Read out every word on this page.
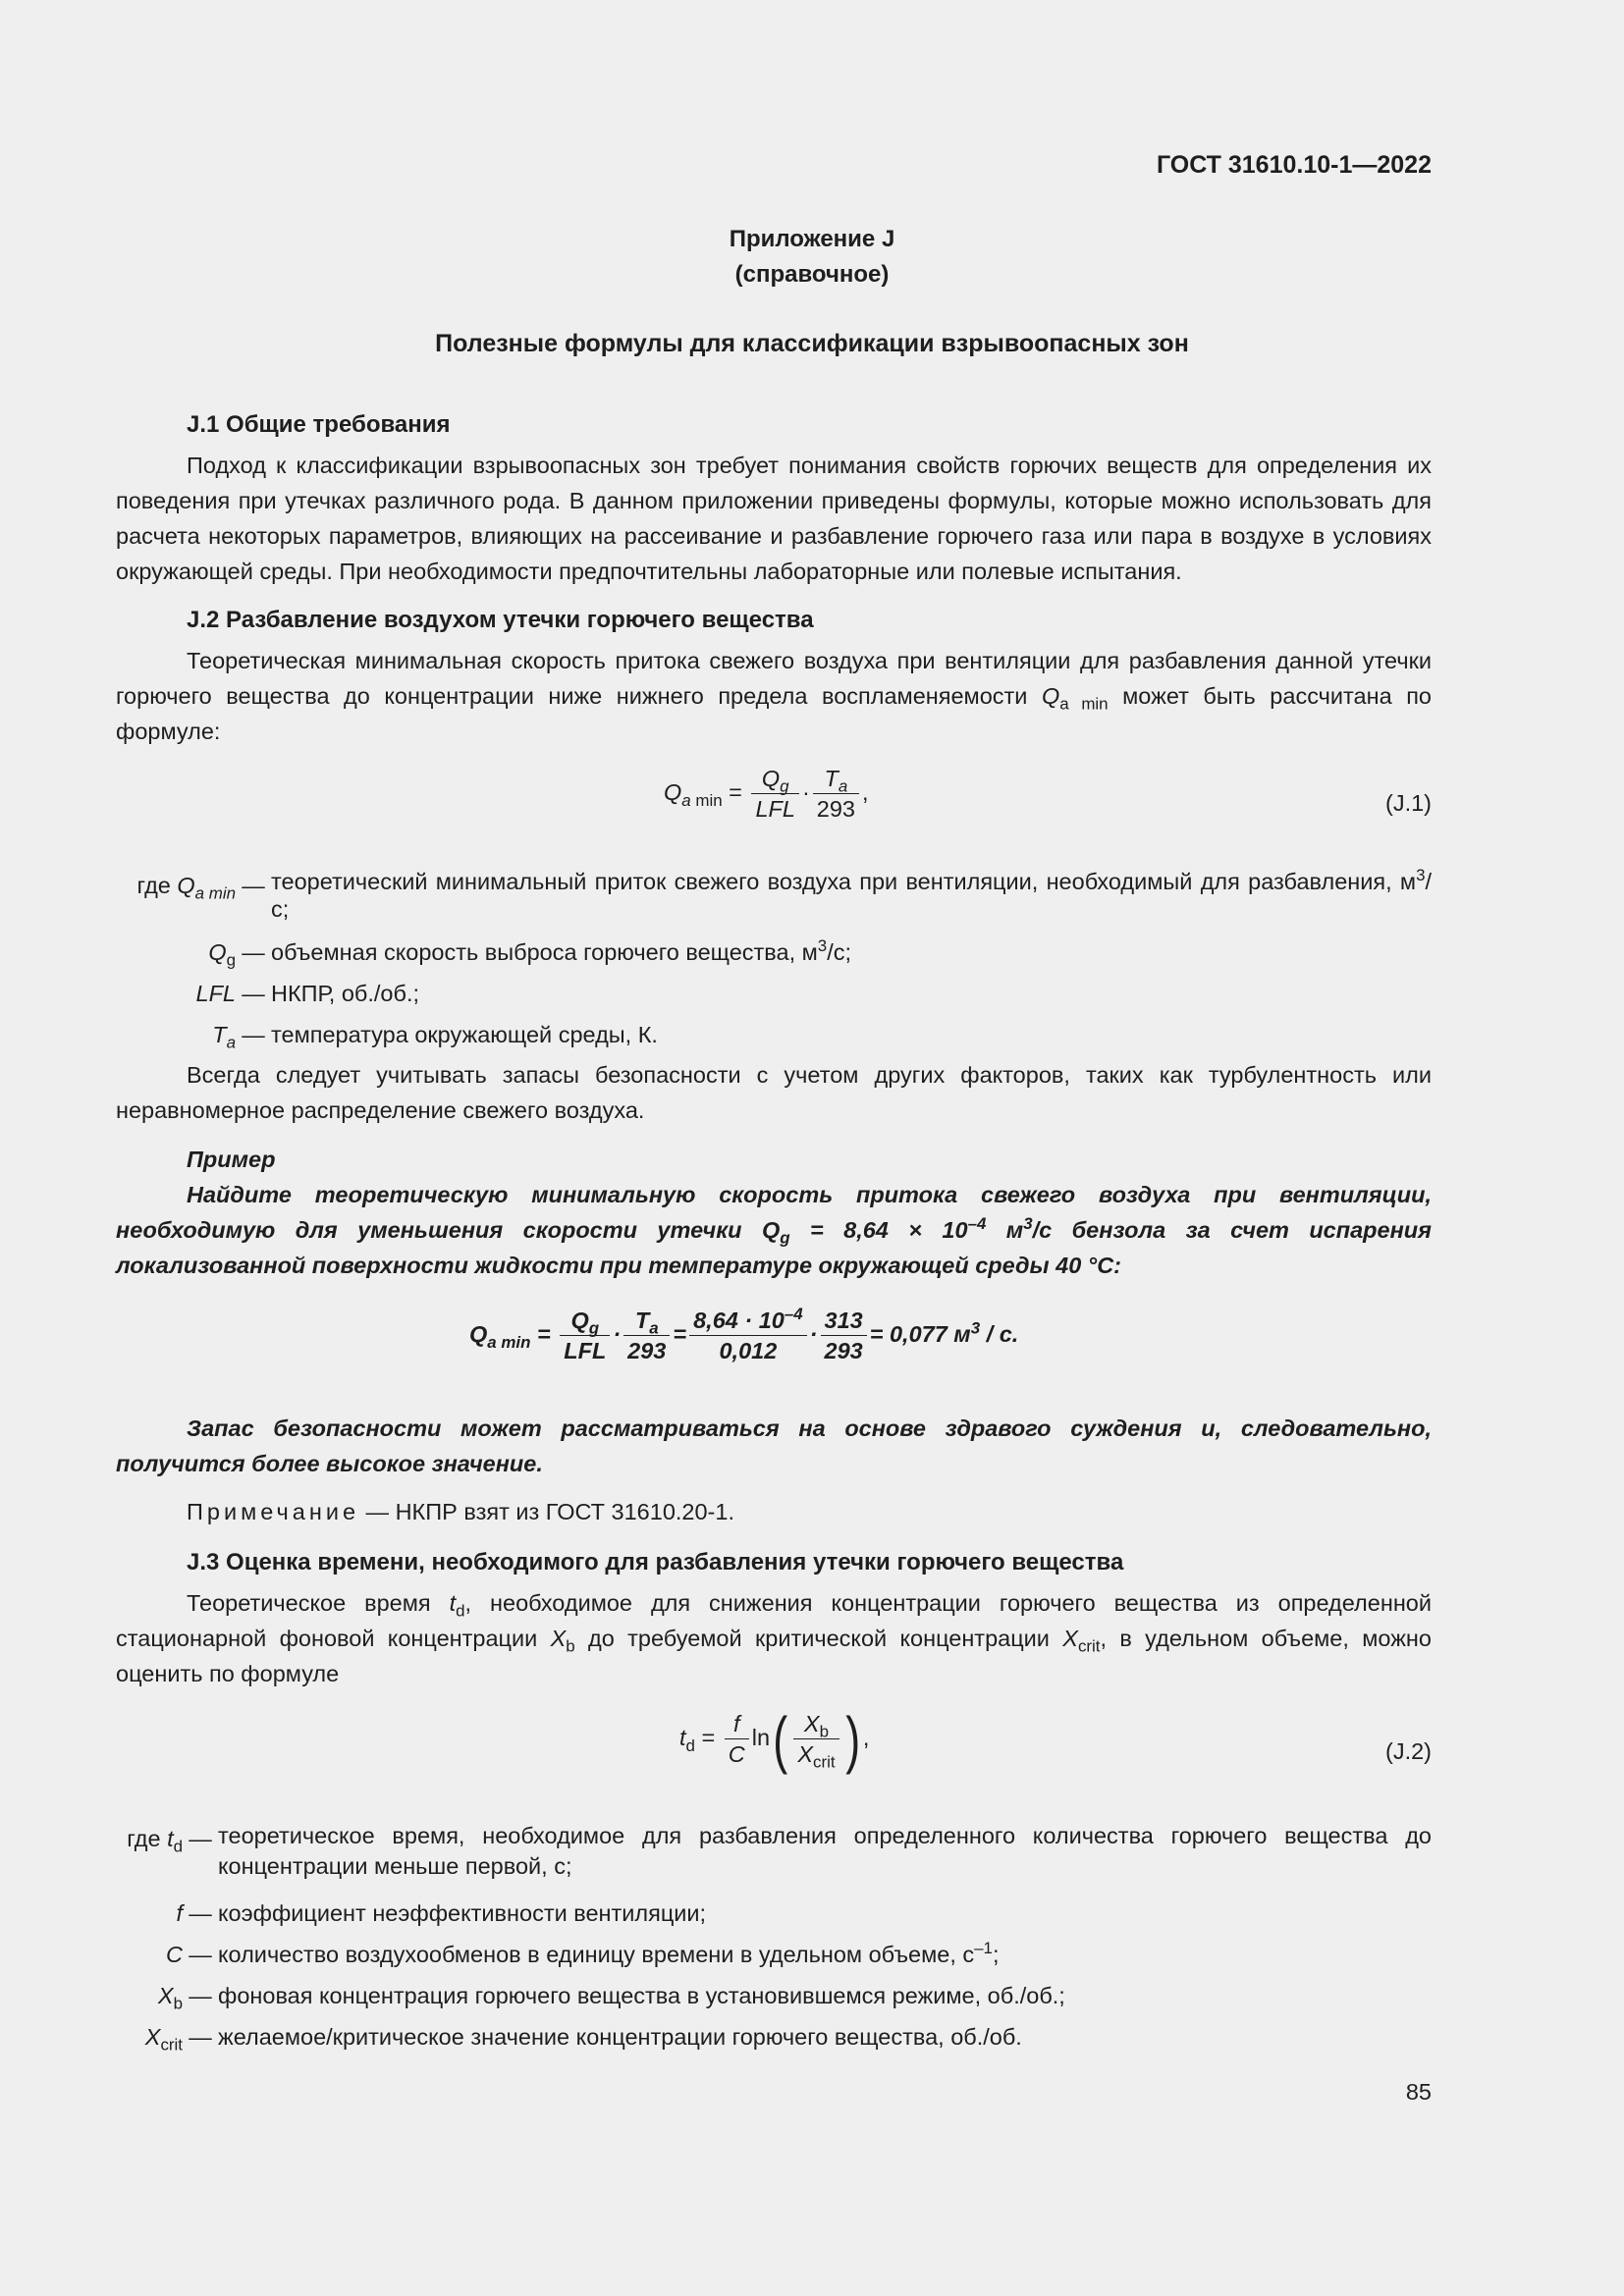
ГОСТ 31610.10-1—2022
Приложение J
(справочное)
Полезные формулы для классификации взрывоопасных зон
J.1 Общие требования
Подход к классификации взрывоопасных зон требует понимания свойств горючих веществ для определения их поведения при утечках различного рода. В данном приложении приведены формулы, которые можно использовать для расчета некоторых параметров, влияющих на рассеивание и разбавление горючего газа или пара в воздухе в условиях окружающей среды. При необходимости предпочтительны лабораторные или полевые испытания.
J.2 Разбавление воздухом утечки горючего вещества
Теоретическая минимальная скорость притока свежего воздуха при вентиляции для разбавления данной утечки горючего вещества до концентрации ниже нижнего предела воспламеняемости $Q_{a min}$ может быть рассчитана по формуле:
$Q_a$ $_{min} = \frac{Q_g}{\text{LFL}} \cdot \frac{T_a}{293}$ ,	(J.1)
где $Q_{a min}$ — теоретический минимальный приток свежего воздуха при вентиляции, необходимый для разбавления, $м^3/с$;
$Q_g$ — объемная скорость выброса горючего вещества, $м^3/с$;
LFL — НКПР, об./об.;
$T_a$ — температура окружающей среды, К.
Всегда следует учитывать запасы безопасности с учетом других факторов, таких как турбулентность или неравномерное распределение свежего воздуха.
Пример
Найдите теоретическую минимальную скорость притока свежего воздуха при вентиляции, необходимую для уменьшения скорости утечки $Q_g = 8,64 \times 10^{-4}$ $м^3/с$ бензола за счет испарения локализованной поверхности жидкости при температуре окружающей среды 40 °С:
$Q_{a min} = \frac{Q_g}{\text{LFL}} \cdot \frac{T_a}{293} = \frac{8,64 \cdot 10^{-4}}{0,012} \cdot \frac{313}{293} = 0,077$ $м^3$ / с.
Запас безопасности может рассматриваться на основе здравого суждения и, следовательно, получится более высокое значение.
Примечание — НКПР взят из ГОСТ 31610.20-1.
J.3 Оценка времени, необходимого для разбавления утечки горючего вещества
Теоретическое время $t_d$, необходимое для снижения концентрации горючего вещества из определенной стационарной фоновой концентрации $X_b$ до требуемой критической концентрации $X_{crit}$, в удельном объеме, можно оценить по формуле
$t_d = \frac{f}{C} \ln( \frac{X_b}{X_{crit}}$ ) ,
(J.2)
где $t_d$ — теоретическое время, необходимое для разбавления определенного количества горючего вещества до концентрации меньше первой, с;
f — коэффициент неэффективности вентиляции;
C — количество воздухообменов в единицу времени в удельном объеме, $с^{-1}$;
$X_b$ — фоновая концентрация горючего вещества в установившемся режиме, об./об.;
$X_{crit}$ — желаемое/критическое значение концентрации горючего вещества, об./об.
85
